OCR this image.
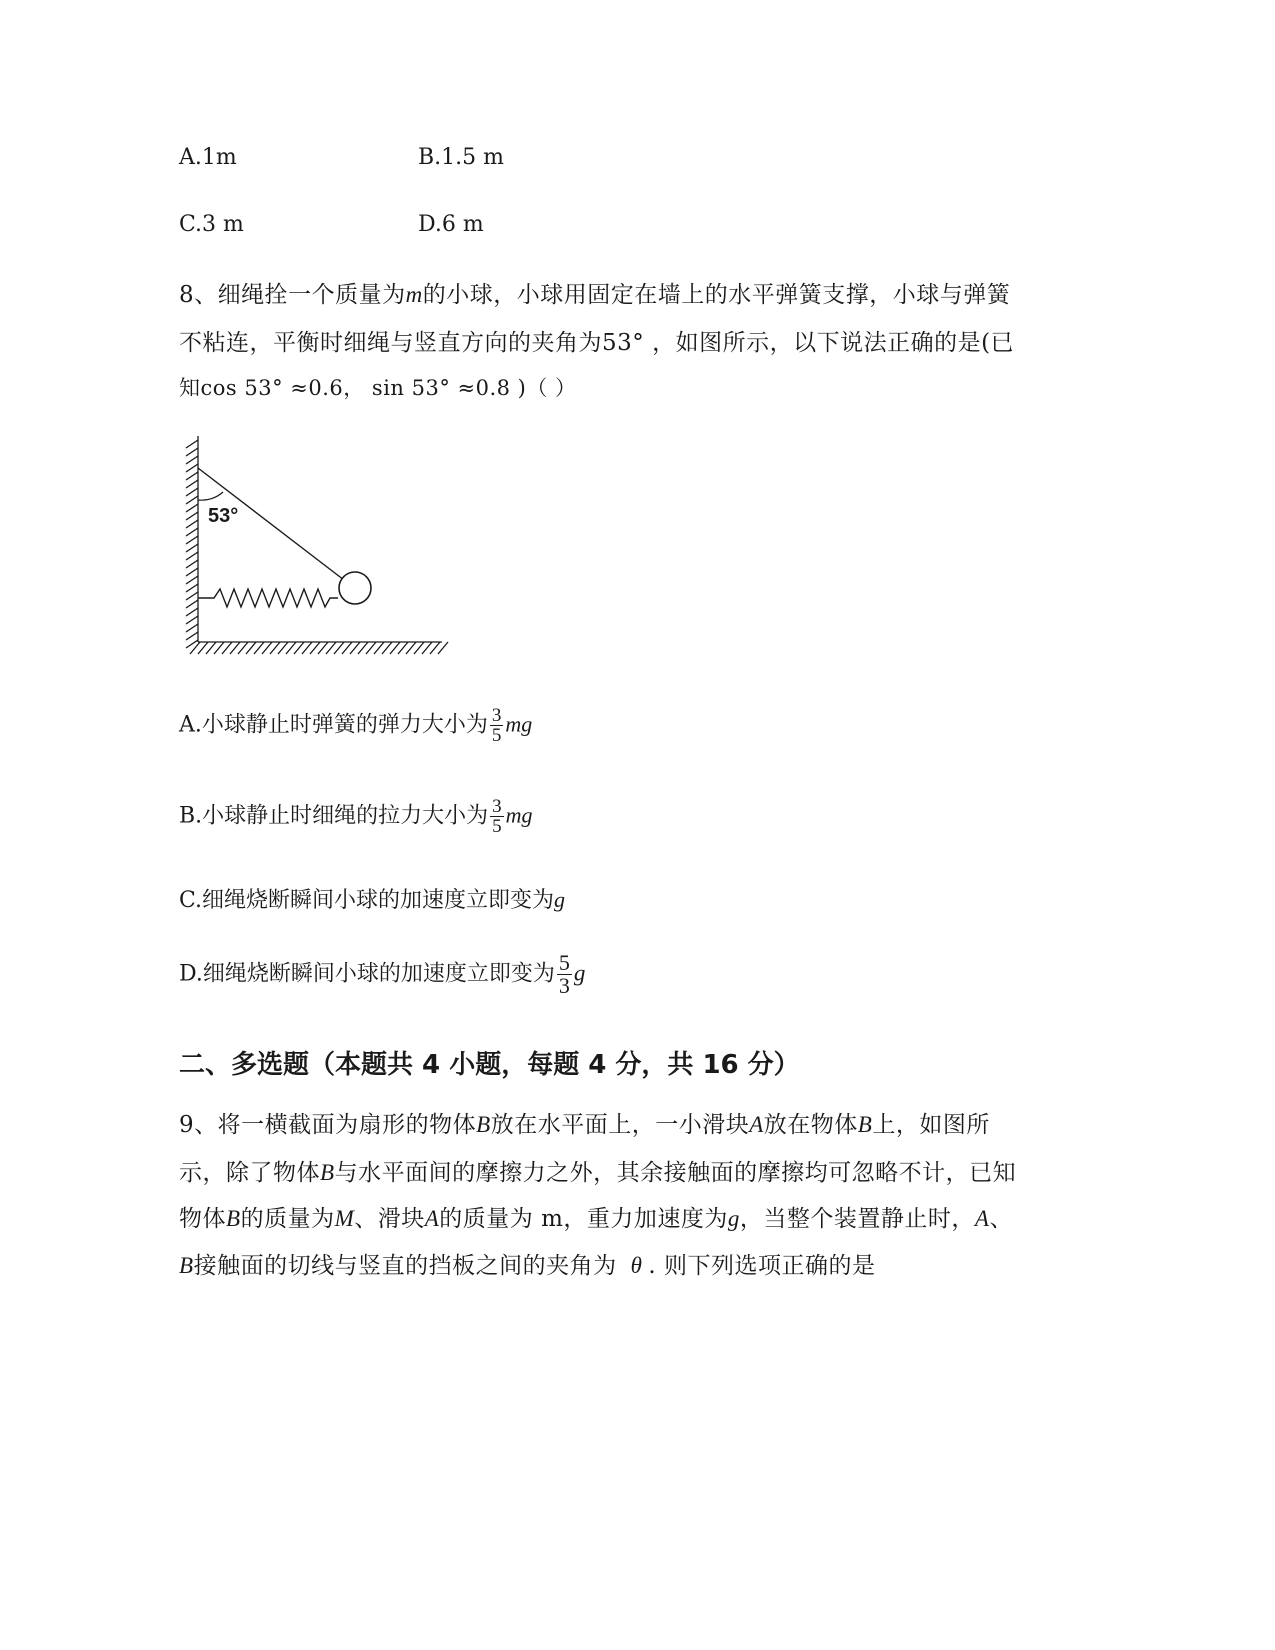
A.1m	B.1.5 m
C.3 m	D.6 m
8、细绳拴一个质量为m的小球，小球用固定在墙上的水平弹簧支撑，小球与弹簧
不粘连，平衡时细绳与竖直方向的夹角为53° ，如图所示，以下说法正确的是(已
知cos 53° ≈0.6， sin 53° ≈0.8 )（ ）
53°
A.小球静止时弹簧的弹力大小为 $\frac{3}{5}$ mg
B.小球静止时细绳的拉力大小为 $\frac{3}{5}$ mg
C.细绳烧断瞬间小球的加速度立即变为g
D.细绳烧断瞬间小球的加速度立即变为 $\frac{5}{3}$ g
二、多选题（本题共 4 小题，每题 4 分，共 16 分）
9、将一横截面为扇形的物体B放在水平面上，一小滑块A放在物体B上，如图所
示，除了物体B与水平面间的摩擦力之外，其余接触面的摩擦均可忽略不计，已知
物体B的质量为M、滑块A的质量为 m，重力加速度为g，当整个装置静止时，A、
B接触面的切线与竖直的挡板之间的夹角为 θ . 则下列选项正确的是
